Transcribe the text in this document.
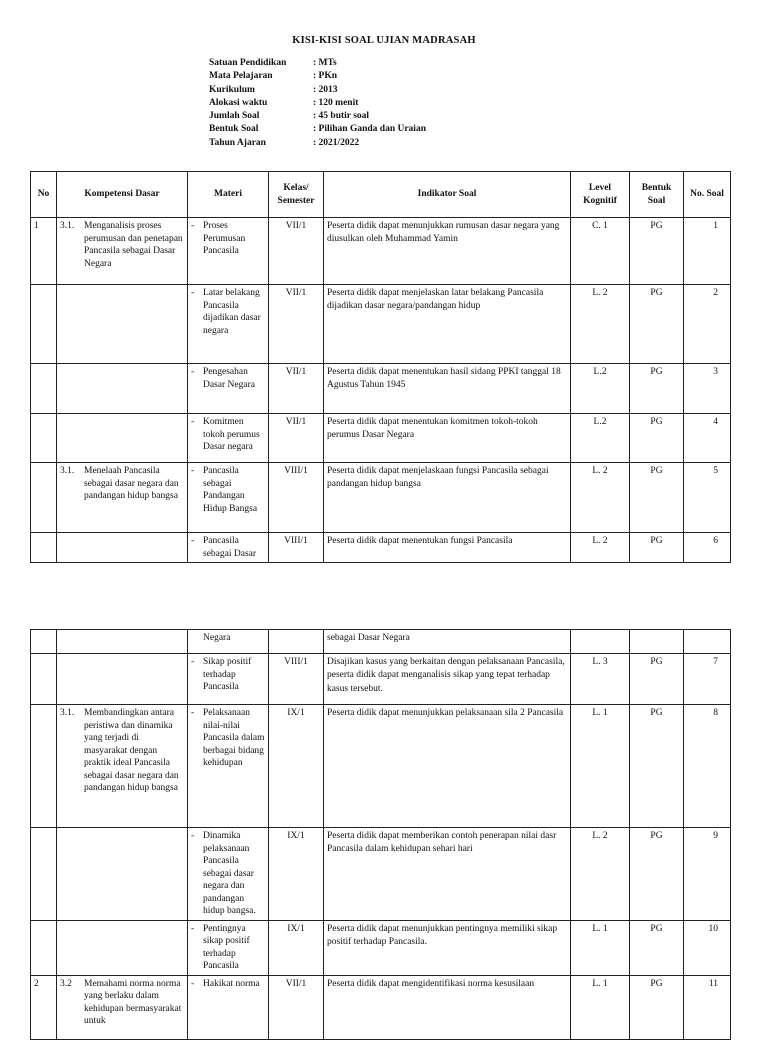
KISI-KISI SOAL UJIAN MADRASAH
Satuan Pendidikan	: MTs
Mata Pelajaran	: PKn
Kurikulum	: 2013
Alokasi waktu	: 120 menit
Jumlah Soal	: 45 butir soal
Bentuk Soal	: Pilihan Ganda dan Uraian
Tahun Ajaran	: 2021/2022
No	Kompetensi Dasar	Materi	Kelas/ Semester	Indikator Soal	Level Kognitif	Bentuk Soal	No. Soal
1	3.1. Menganalisis proses perumusan dan penetapan Pancasila sebagai Dasar Negara	- Proses Perumusan Pancasila	VII/1	Peserta didik dapat menunjukkan rumusan dasar negara yang diusulkan oleh Muhammad Yamin	C. 1	PG	1

		- Latar belakang Pancasila dijadikan dasar negara	VII/1	Peserta didik dapat menjelaskan latar belakang Pancasila dijadikan dasar negara/pandangan hidup	L. 2	PG	2

		- Pengesahan Dasar Negara	VII/1	Peserta didik dapat menentukan hasil sidang PPKI tanggal 18 Agustus Tahun 1945	L.2	PG	3

		- Komitmen tokoh perumus Dasar negara	VII/1	Peserta didik dapat menentukan komitmen tokoh-tokoh perumus Dasar Negara	L.2	PG	4

	3.1. Menelaah Pancasila sebagai dasar negara dan pandangan hidup bangsa	- Pancasila sebagai Pandangan Hidup Bangsa	VIII/1	Peserta didik dapat menjelaskaan fungsi Pancasila sebagai pandangan hidup bangsa	L. 2	PG	5

		- Pancasila sebagai Dasar	VIII/1	Peserta didik dapat menentukan fungsi Pancasila	L. 2	PG	6

		Negara		sebagai Dasar Negara			

		- Sikap positif terhadap Pancasila	VIII/1	Disajikan kasus yang berkaitan dengan pelaksanaan Pancasila, peserta didik dapat menganalisis sikap yang tepat terhadap kasus tersebut.	L. 3	PG	7

	3.1. Membandingkan antara peristiwa dan dinamika yang terjadi di masyarakat dengan praktik ideal Pancasila sebagai dasar negara dan pandangan hidup bangsa	- Pelaksanaan nilai-nilai Pancasila dalam berbagai bidang kehidupan	IX/1	Peserta didik dapat menunjukkan pelaksanaan sila 2 Pancasila	L. 1	PG	8

		- Dinamika pelaksanaan Pancasila sebagai dasar negara dan pandangan hidup bangsa.	IX/1	Peserta didik dapat memberikan contoh penerapan nilai dasr Pancasila dalam kehidupan sehari hari	L. 2	PG	9

		- Pentingnya sikap positif terhadap Pancasila	IX/1	Peserta didik dapat menunjukkan pentingnya memiliki sikap positif terhadap Pancasila.	L. 1	PG	10
2	3.2 Memahami norma norma yang berlaku dalam kehidupan bermasyarakat untuk	- Hakikat norma	VII/1	Peserta didik dapat mengidentifikasi norma kesusilaan	L. 1	PG	11
